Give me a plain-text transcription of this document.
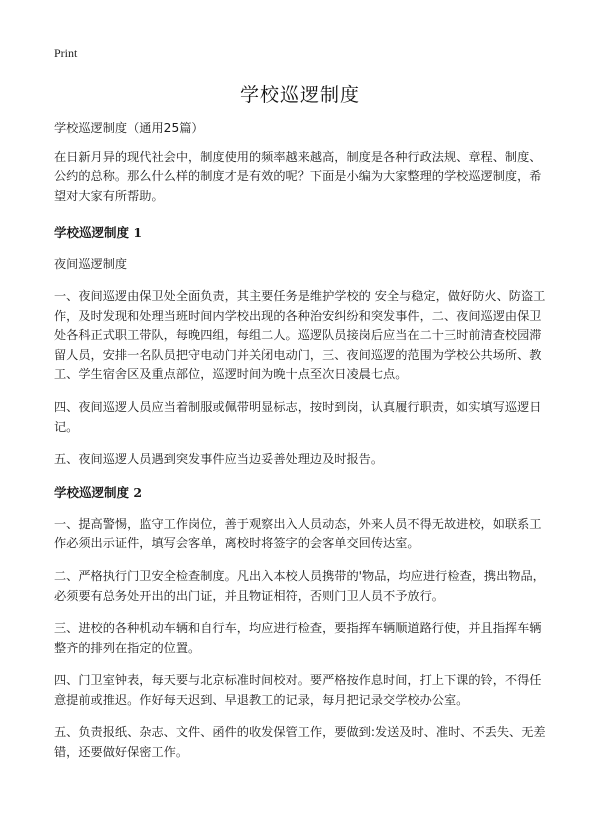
Print
学校巡逻制度

学校巡逻制度（通用25篇）

在日新月异的现代社会中，制度使用的频率越来越高，制度是各种行政法规、章程、制度、公约的总称。那么什么样的制度才是有效的呢？下面是小编为大家整理的学校巡逻制度，希望对大家有所帮助。

学校巡逻制度 1

夜间巡逻制度

一、夜间巡逻由保卫处全面负责，其主要任务是维护学校的 安全与稳定，做好防火、防盗工作，及时发现和处理当班时间内学校出现的各种治安纠纷和突发事件，二、夜间巡逻由保卫处各科正式职工带队，每晚四组，每组二人。巡逻队员接岗后应当在二十三时前清查校园滞留人员，安排一名队员把守电动门并关闭电动门，三、夜间巡逻的范围为学校公共场所、教工、学生宿舍区及重点部位，巡逻时间为晚十点至次日凌晨七点。

四、夜间巡逻人员应当着制服或佩带明显标志，按时到岗，认真履行职责，如实填写巡逻日记。

五、夜间巡逻人员遇到突发事件应当边妥善处理边及时报告。

学校巡逻制度 2

一、提高警惕，监守工作岗位，善于观察出入人员动态，外来人员不得无故进校，如联系工作必须出示证件，填写会客单，离校时将签字的会客单交回传达室。

二、严格执行门卫安全检查制度。凡出入本校人员携带的'物品，均应进行检查，携出物品，必须要有总务处开出的出门证，并且物证相符，否则门卫人员不予放行。

三、进校的各种机动车辆和自行车，均应进行检查，要指挥车辆顺道路行使，并且指挥车辆整齐的排列在指定的位置。

四、门卫室钟表，每天要与北京标准时间校对。要严格按作息时间，打上下课的铃，不得任意提前或推迟。作好每天迟到、早退教工的记录，每月把记录交学校办公室。

五、负责报纸、杂志、文件、函件的收发保管工作，要做到:发送及时、准时、不丢失、无差错，还要做好保密工作。
